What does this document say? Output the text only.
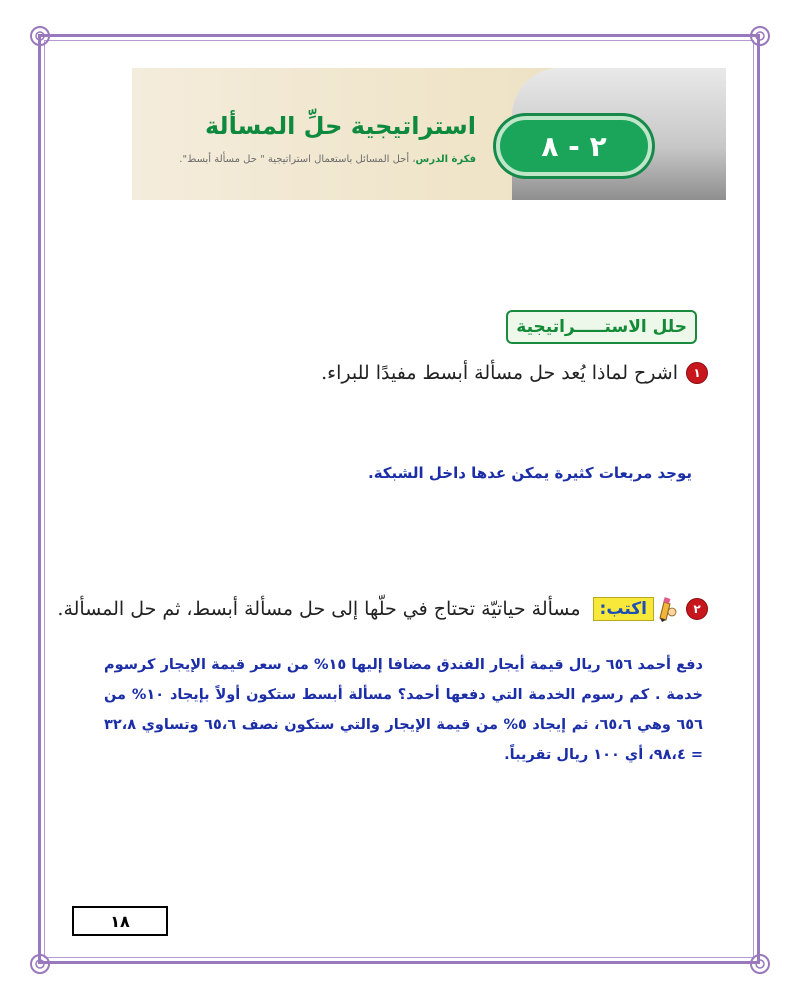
٢ - ٨
استراتيجية حلِّ المسألة
فكرة الدرس، أحل المسائل باستعمال استراتيجية " حل مسألة أبسط".
حلل الاستـــــراتيجية
١
اشرح لماذا يُعد حل مسألة أبسط مفيدًا للبراء.
يوجد مربعات كثيرة يمكن عدها داخل الشبكة.
٢
اكتب:
مسألة حياتيّة تحتاج في حلّها إلى حل مسألة أبسط، ثم حل المسألة.
دفع أحمد ٦٥٦ ريال قيمة أيجار الفندق مضافا إليها ١٥% من سعر قيمة الإيجار كرسوم خدمة . كم رسوم الخدمة التي دفعها أحمد؟ مسألة أبسط ستكون أولاً بإيجاد ١٠% من ٦٥٦ وهي ٦٥،٦، ثم إيجاد ٥% من قيمة الإيجار والتي ستكون نصف ٦٥،٦ وتساوي ٣٢،٨ = ٩٨،٤، أي ١٠٠ ريال تقريباً.
١٨
